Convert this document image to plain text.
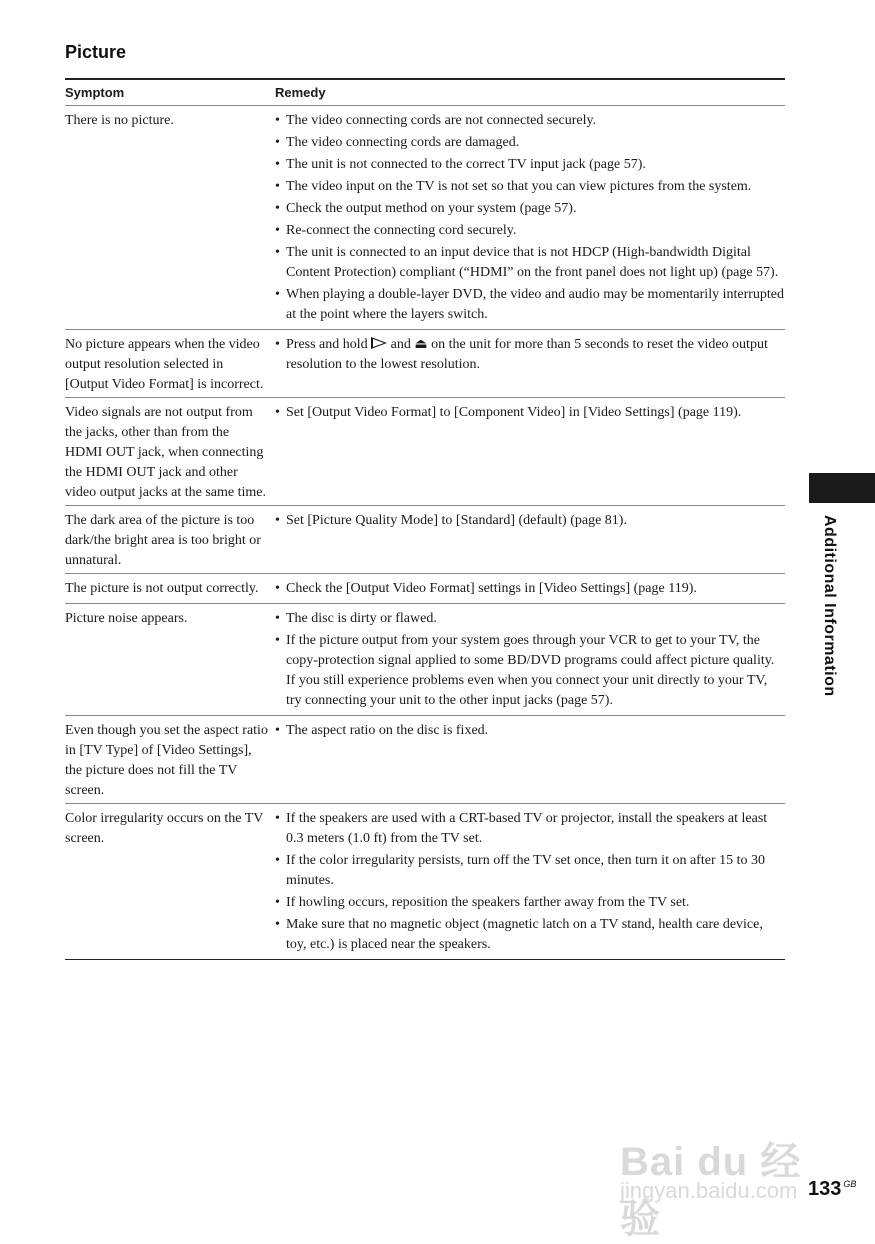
Picture
Symptom	Remedy
There is no picture.	• The video connecting cords are not connected securely.
• The video connecting cords are damaged.
• The unit is not connected to the correct TV input jack (page 57).
• The video input on the TV is not set so that you can view pictures from the system.
• Check the output method on your system (page 57).
• Re-connect the connecting cord securely.
• The unit is connected to an input device that is not HDCP (High-bandwidth Digital Content Protection) compliant (“HDMI” on the front panel does not light up) (page 57).
• When playing a double-layer DVD, the video and audio may be momentarily interrupted at the point where the layers switch.
No picture appears when the video output resolution selected in [Output Video Format] is incorrect.
• Press and hold  and ⏏ on the unit for more than 5 seconds to reset the video output resolution to the lowest resolution.
Video signals are not output from the jacks, other than from the HDMI OUT jack, when connecting the HDMI OUT jack and other video output jacks at the same time.
• Set [Output Video Format] to [Component Video] in [Video Settings] (page 119).
The dark area of the picture is too dark/the bright area is too bright or unnatural.
• Set [Picture Quality Mode] to [Standard] (default) (page 81).
The picture is not output correctly.	• Check the [Output Video Format] settings in [Video Settings] (page 119).
Picture noise appears.	• The disc is dirty or flawed.
• If the picture output from your system goes through your VCR to get to your TV, the copy-protection signal applied to some BD/DVD programs could affect picture quality. If you still experience problems even when you connect your unit directly to your TV, try connecting your unit to the other input jacks (page 57).
Even though you set the aspect ratio in [TV Type] of [Video Settings], the picture does not fill the TV screen.
• The aspect ratio on the disc is fixed.
Color irregularity occurs on the TV screen.
• If the speakers are used with a CRT-based TV or projector, install the speakers at least 0.3 meters (1.0 ft) from the TV set.
• If the color irregularity persists, turn off the TV set once, then turn it on after 15 to 30 minutes.
• If howling occurs, reposition the speakers farther away from the TV set.
• Make sure that no magnetic object (magnetic latch on a TV stand, health care device, toy, etc.) is placed near the speakers.
Additional Information
Bai du 经验
jingyan.baidu.com 133 $^{GB}$
